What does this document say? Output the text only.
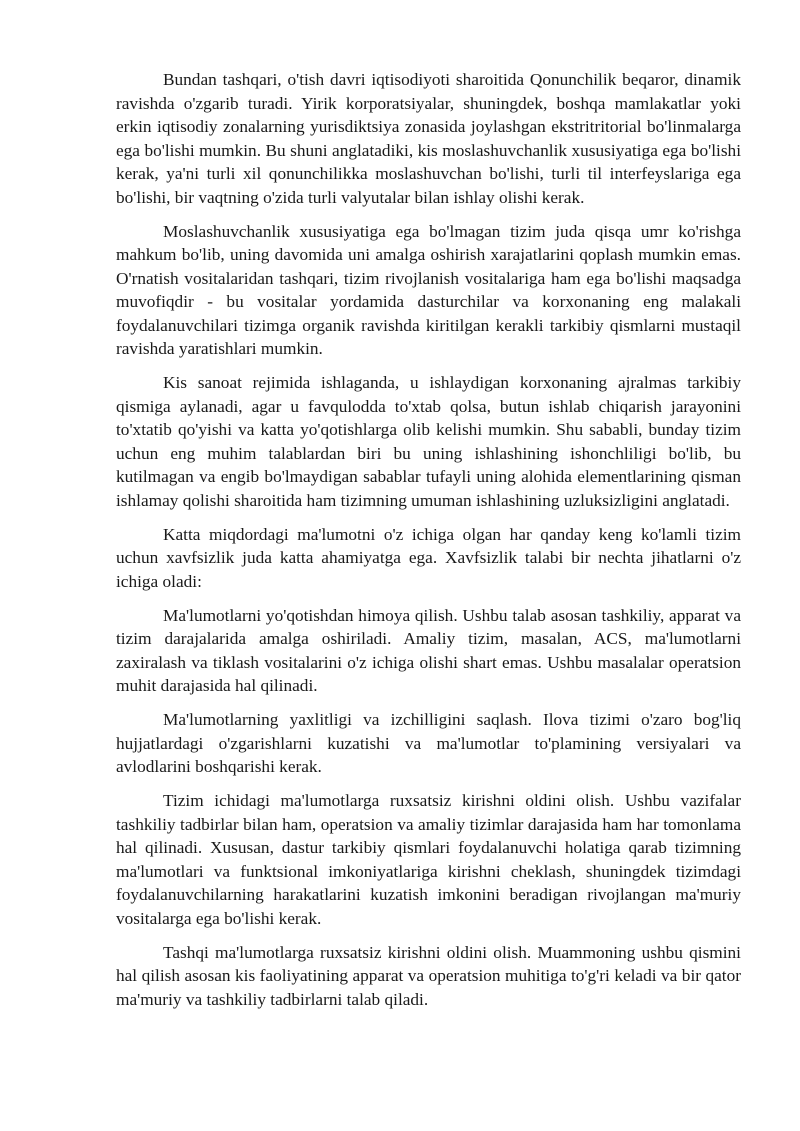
Bundan tashqari, o'tish davri iqtisodiyoti sharoitida Qonunchilik beqaror, dinamik ravishda o'zgarib turadi. Yirik korporatsiyalar, shuningdek, boshqa mamlakatlar yoki erkin iqtisodiy zonalarning yurisdiktsiya zonasida joylashgan ekstritritorial bo'linmalarga ega bo'lishi mumkin. Bu shuni anglatadiki, kis moslashuvchanlik xususiyatiga ega bo'lishi kerak, ya'ni turli xil qonunchilikka moslashuvchan bo'lishi, turli til interfeyslariga ega bo'lishi, bir vaqtning o'zida turli valyutalar bilan ishlay olishi kerak.

Moslashuvchanlik xususiyatiga ega bo'lmagan tizim juda qisqa umr ko'rishga mahkum bo'lib, uning davomida uni amalga oshirish xarajatlarini qoplash mumkin emas. O'rnatish vositalaridan tashqari, tizim rivojlanish vositalariga ham ega bo'lishi maqsadga muvofiqdir - bu vositalar yordamida dasturchilar va korxonaning eng malakali foydalanuvchilari tizimga organik ravishda kiritilgan kerakli tarkibiy qismlarni mustaqil ravishda yaratishlari mumkin.

Kis sanoat rejimida ishlaganda, u ishlaydigan korxonaning ajralmas tarkibiy qismiga aylanadi, agar u favqulodda to'xtab qolsa, butun ishlab chiqarish jarayonini to'xtatib qo'yishi va katta yo'qotishlarga olib kelishi mumkin. Shu sababli, bunday tizim uchun eng muhim talablardan biri bu uning ishlashining ishonchliligi bo'lib, bu kutilmagan va engib bo'lmaydigan sabablar tufayli uning alohida elementlarining qisman ishlamay qolishi sharoitida ham tizimning umuman ishlashining uzluksizligini anglatadi.

Katta miqdordagi ma'lumotni o'z ichiga olgan har qanday keng ko'lamli tizim uchun xavfsizlik juda katta ahamiyatga ega. Xavfsizlik talabi bir nechta jihatlarni o'z ichiga oladi:

Ma'lumotlarni yo'qotishdan himoya qilish. Ushbu talab asosan tashkiliy, apparat va tizim darajalarida amalga oshiriladi. Amaliy tizim, masalan, ACS, ma'lumotlarni zaxiralash va tiklash vositalarini o'z ichiga olishi shart emas. Ushbu masalalar operatsion muhit darajasida hal qilinadi.

Ma'lumotlarning yaxlitligi va izchilligini saqlash. Ilova tizimi o'zaro bog'liq hujjatlardagi o'zgarishlarni kuzatishi va ma'lumotlar to'plamining versiyalari va avlodlarini boshqarishi kerak.

Tizim ichidagi ma'lumotlarga ruxsatsiz kirishni oldini olish. Ushbu vazifalar tashkiliy tadbirlar bilan ham, operatsion va amaliy tizimlar darajasida ham har tomonlama hal qilinadi. Xususan, dastur tarkibiy qismlari foydalanuvchi holatiga qarab tizimning ma'lumotlari va funktsional imkoniyatlariga kirishni cheklash, shuningdek tizimdagi foydalanuvchilarning harakatlarini kuzatish imkonini beradigan rivojlangan ma'muriy vositalarga ega bo'lishi kerak.

Tashqi ma'lumotlarga ruxsatsiz kirishni oldini olish. Muammoning ushbu qismini hal qilish asosan kis faoliyatining apparat va operatsion muhitiga to'g'ri keladi va bir qator ma'muriy va tashkiliy tadbirlarni talab qiladi.
